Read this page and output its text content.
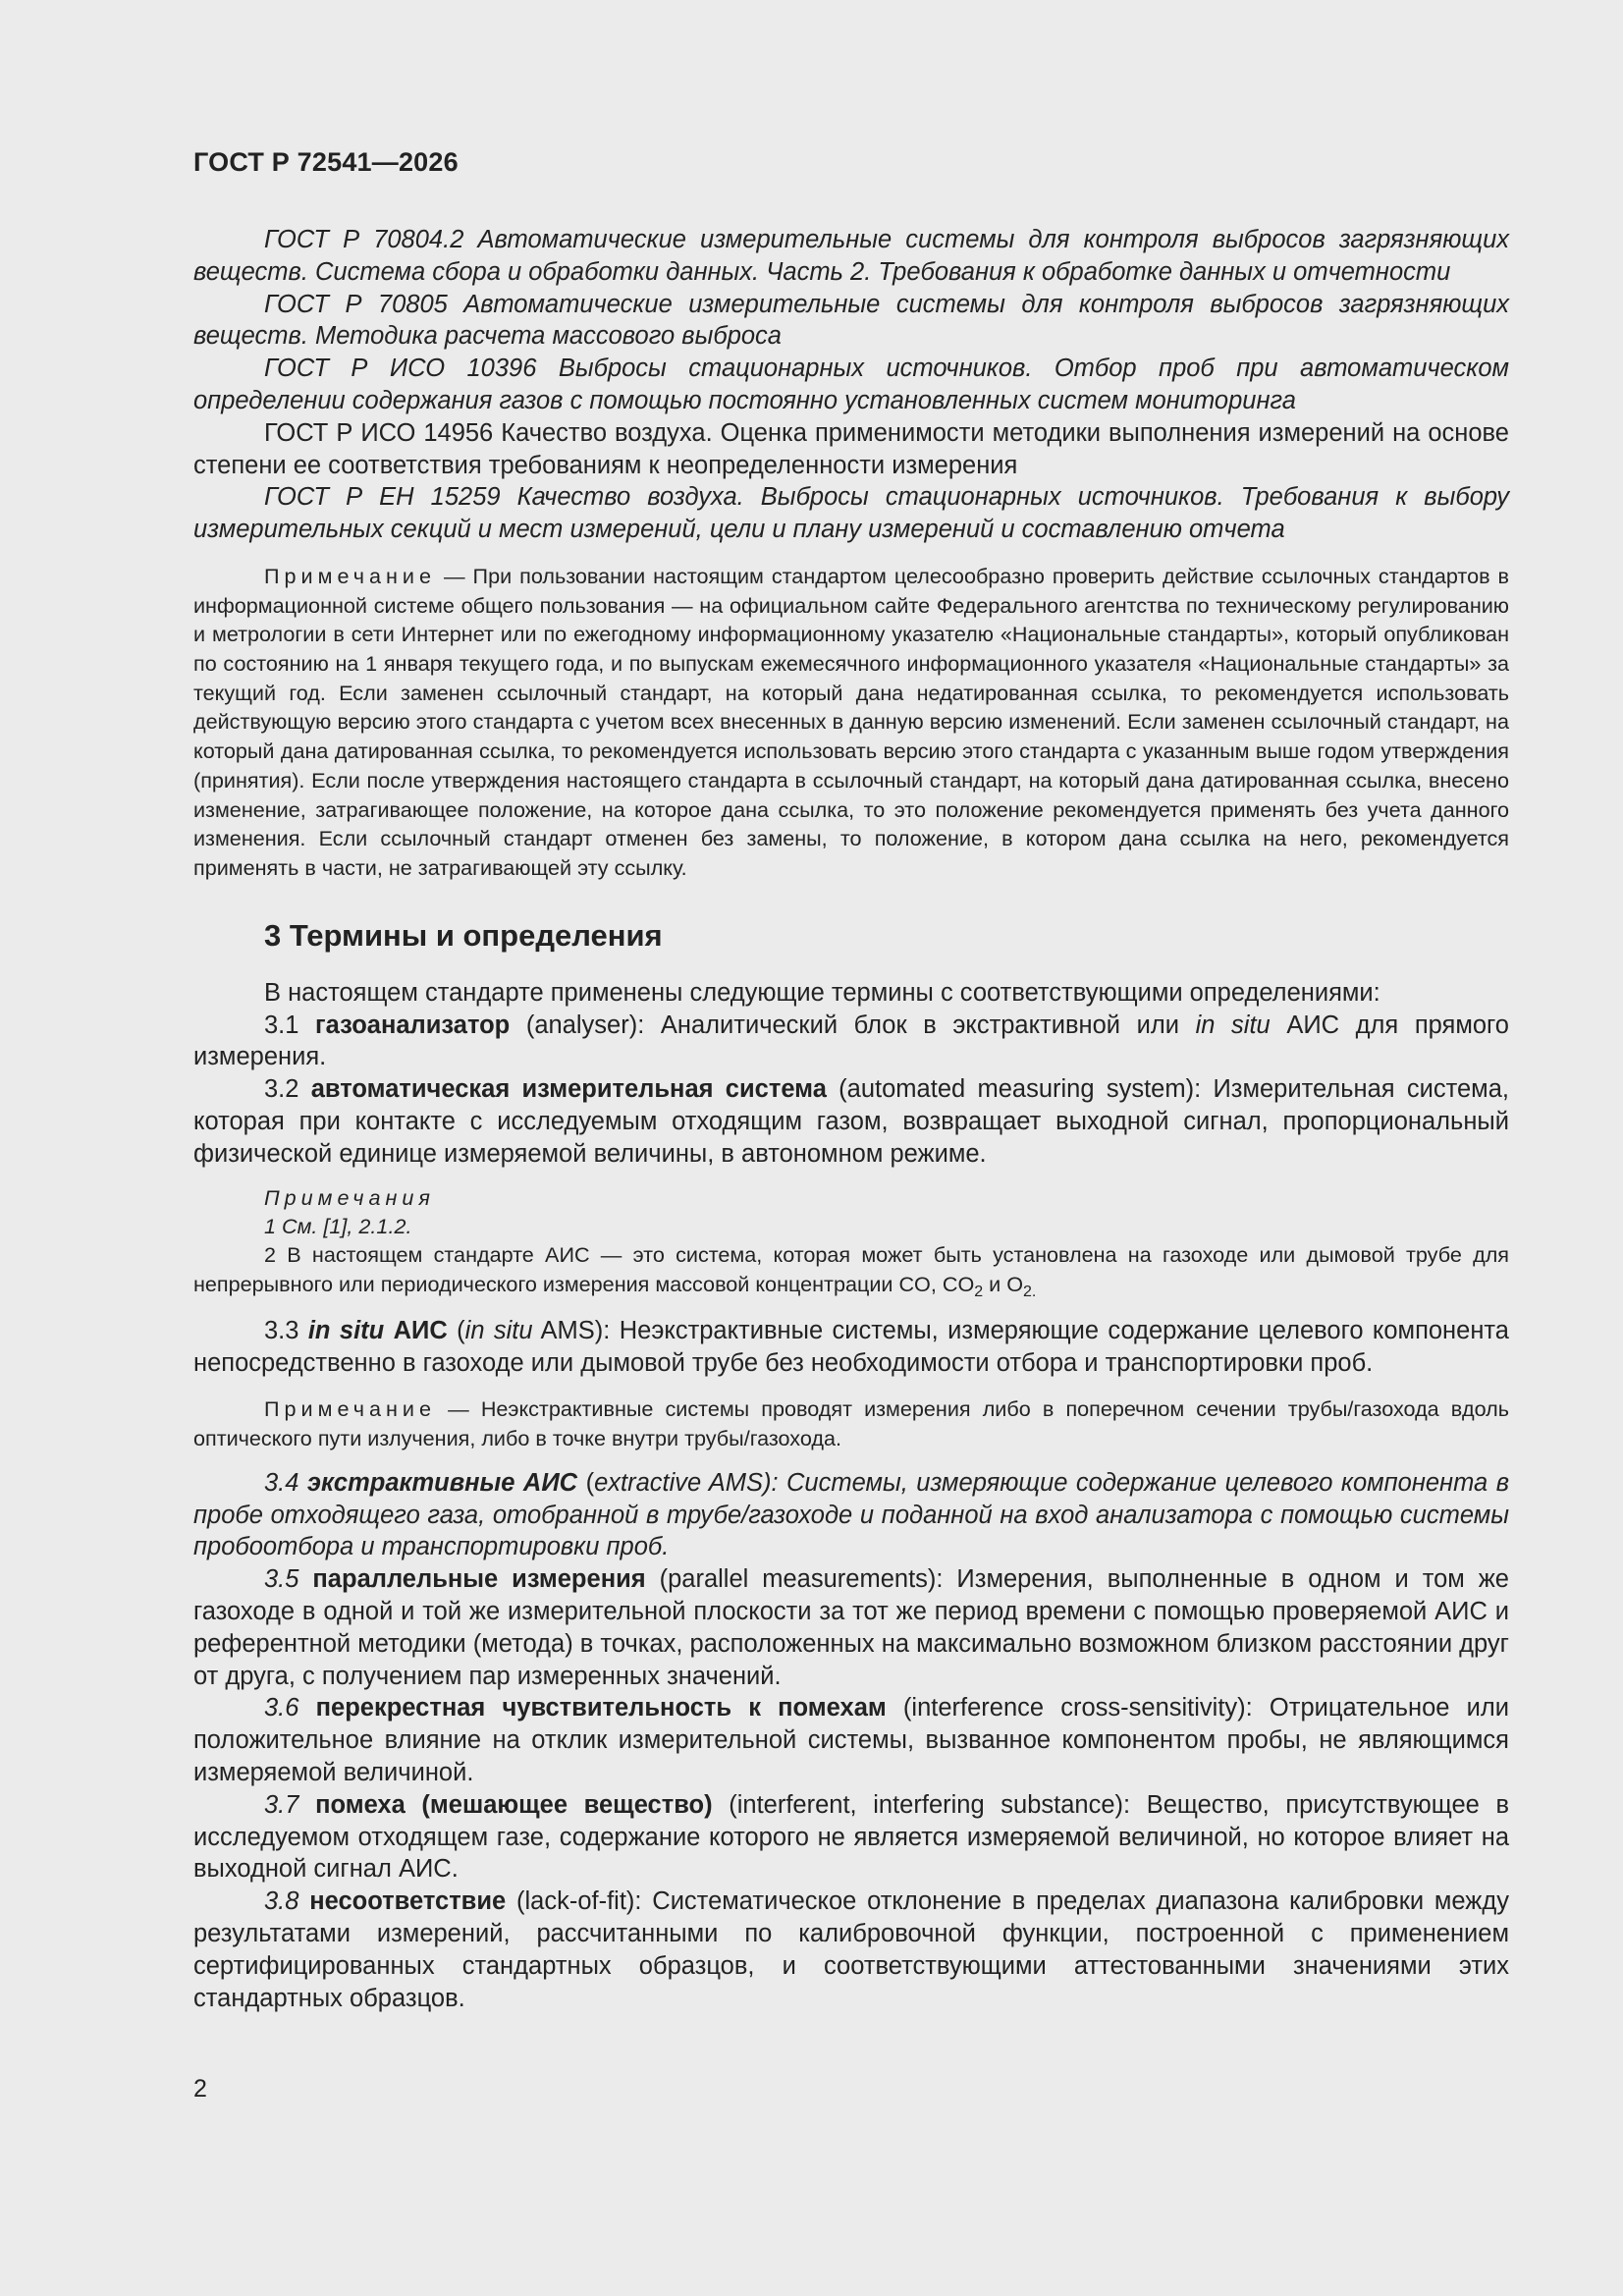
ГОСТ Р 72541—2026

ГОСТ Р 70804.2 Автоматические измерительные системы для контроля выбросов загрязняющих веществ. Система сбора и обработки данных. Часть 2. Требования к обработке данных и отчетности

ГОСТ Р 70805 Автоматические измерительные системы для контроля выбросов загрязняющих веществ. Методика расчета массового выброса

ГОСТ Р ИСО 10396 Выбросы стационарных источников. Отбор проб при автоматическом определении содержания газов с помощью постоянно установленных систем мониторинга

ГОСТ Р ИСО 14956 Качество воздуха. Оценка применимости методики выполнения измерений на основе степени ее соответствия требованиям к неопределенности измерения

ГОСТ Р ЕН 15259 Качество воздуха. Выбросы стационарных источников. Требования к выбору измерительных секций и мест измерений, цели и плану измерений и составлению отчета

Примечание — При пользовании настоящим стандартом целесообразно проверить действие ссылочных стандартов в информационной системе общего пользования — на официальном сайте Федерального агентства по техническому регулированию и метрологии в сети Интернет или по ежегодному информационному указателю «Национальные стандарты», который опубликован по состоянию на 1 января текущего года, и по выпускам ежемесячного информационного указателя «Национальные стандарты» за текущий год. Если заменен ссылочный стандарт, на который дана недатированная ссылка, то рекомендуется использовать действующую версию этого стандарта с учетом всех внесенных в данную версию изменений. Если заменен ссылочный стандарт, на который дана датированная ссылка, то рекомендуется использовать версию этого стандарта с указанным выше годом утверждения (принятия). Если после утверждения настоящего стандарта в ссылочный стандарт, на который дана датированная ссылка, внесено изменение, затрагивающее положение, на которое дана ссылка, то это положение рекомендуется применять без учета данного изменения. Если ссылочный стандарт отменен без замены, то положение, в котором дана ссылка на него, рекомендуется применять в части, не затрагивающей эту ссылку.

3 Термины и определения

В настоящем стандарте применены следующие термины с соответствующими определениями:

3.1 газоанализатор (analyser): Аналитический блок в экстрактивной или in situ АИС для прямого измерения.

3.2 автоматическая измерительная система (automated measuring system): Измерительная система, которая при контакте с исследуемым отходящим газом, возвращает выходной сигнал, пропорциональный физической единице измеряемой величины, в автономном режиме.

Примечания

1 См. [1], 2.1.2.

2 В настоящем стандарте АИС — это система, которая может быть установлена на газоходе или дымовой трубе для непрерывного или периодического измерения массовой концентрации CO, $CO_2$ и $O_{2.}$

3.3 in situ АИС (in situ AMS): Неэкстрактивные системы, измеряющие содержание целевого компонента непосредственно в газоходе или дымовой трубе без необходимости отбора и транспортировки проб.

Примечание — Неэкстрактивные системы проводят измерения либо в поперечном сечении трубы/газохода вдоль оптического пути излучения, либо в точке внутри трубы/газохода.

3.4 экстрактивные АИС (extractive AMS): Системы, измеряющие содержание целевого компонента в пробе отходящего газа, отобранной в трубе/газоходе и поданной на вход анализатора с помощью системы пробоотбора и транспортировки проб.

3.5 параллельные измерения (parallel measurements): Измерения, выполненные в одном и том же газоходе в одной и той же измерительной плоскости за тот же период времени с помощью проверяемой АИС и референтной методики (метода) в точках, расположенных на максимально возможном близком расстоянии друг от друга, с получением пар измеренных значений.

3.6 перекрестная чувствительность к помехам (interference cross-sensitivity): Отрицательное или положительное влияние на отклик измерительной системы, вызванное компонентом пробы, не являющимся измеряемой величиной.

3.7 помеха (мешающее вещество) (interferent, interfering substance): Вещество, присутствующее в исследуемом отходящем газе, содержание которого не является измеряемой величиной, но которое влияет на выходной сигнал АИС.

3.8 несоответствие (lack-of-fit): Систематическое отклонение в пределах диапазона калибровки между результатами измерений, рассчитанными по калибровочной функции, построенной с применением сертифицированных стандартных образцов, и соответствующими аттестованными значениями этих стандартных образцов.

2
